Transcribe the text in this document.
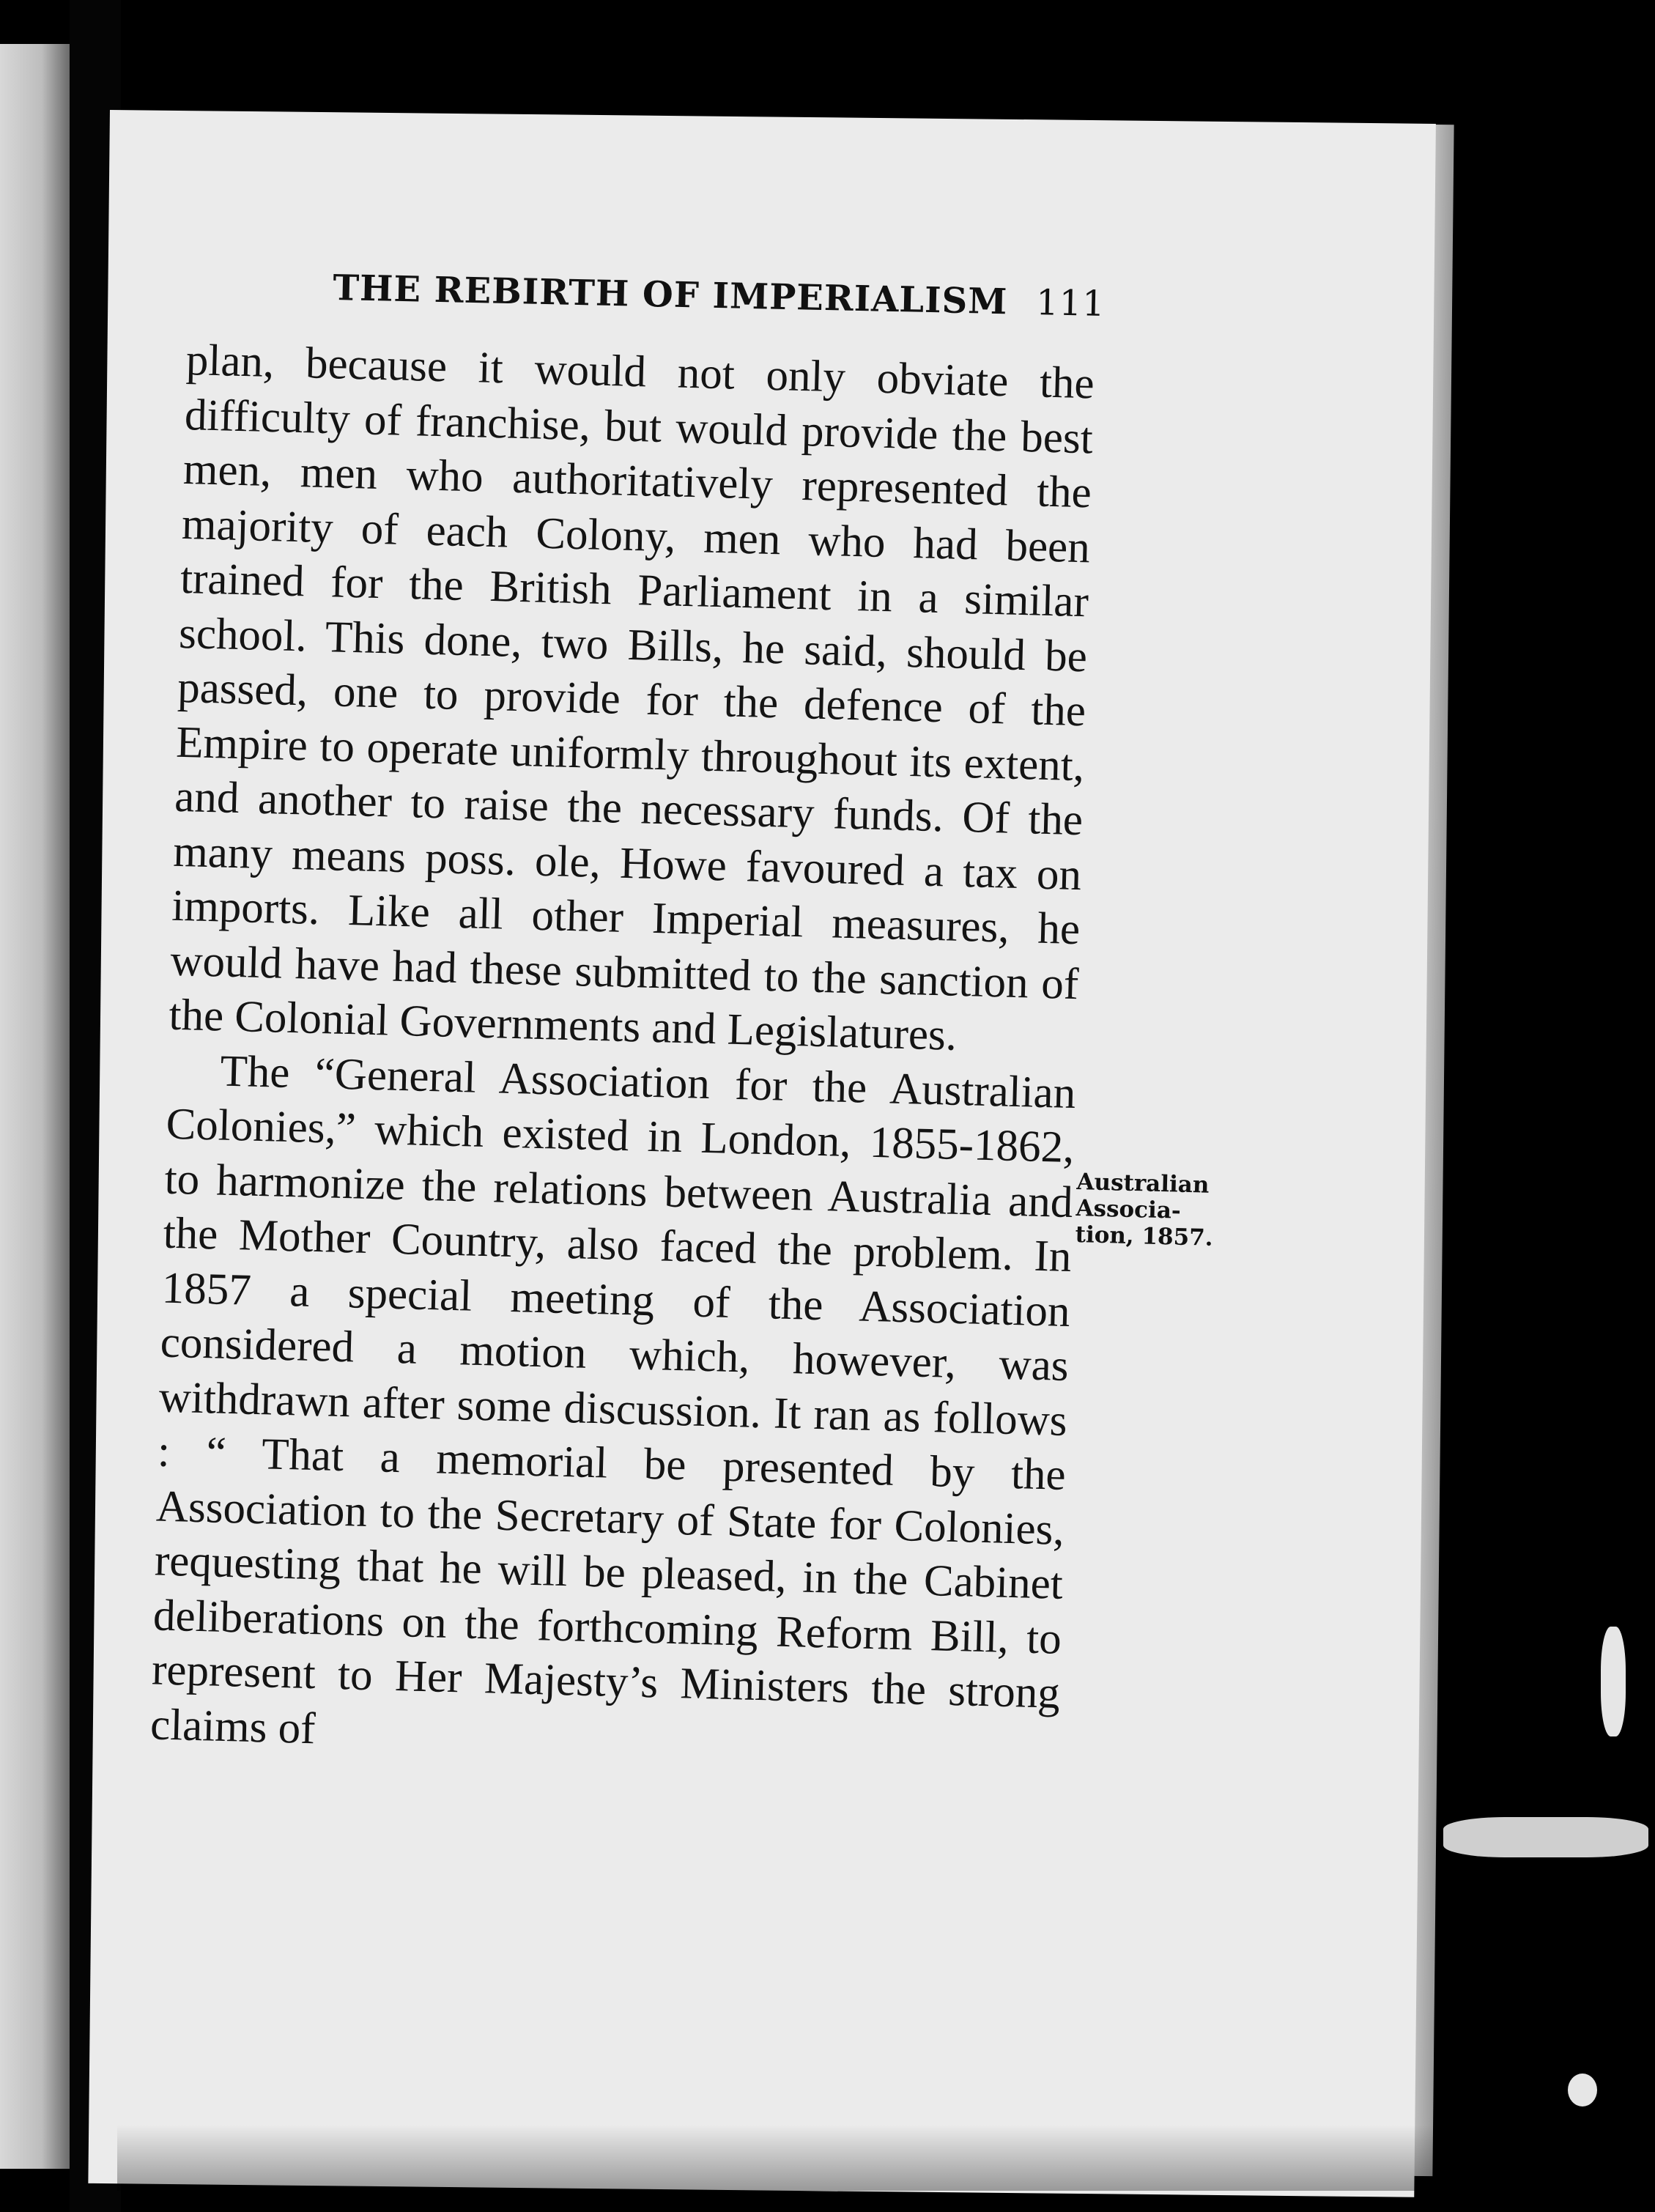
THE REBIRTH OF IMPERIALISM 111

plan, because it would not only obviate the difficulty of franchise, but would provide the best men, men who authoritatively represented the majority of each Colony, men who had been trained for the British Parliament in a similar school. This done, two Bills, he said, should be passed, one to provide for the defence of the Empire to operate uniformly throughout its extent, and another to raise the necessary funds. Of the many means poss. ole, Howe favoured a tax on imports. Like all other Imperial measures, he would have had these submitted to the sanction of the Colonial Governments and Legislatures.

The “General Association for the Australian Colonies,” which existed in London, 1855-1862, to harmonize the relations between Australia and the Mother Country, also faced the problem. In 1857 a special meeting of the Association considered a motion which, however, was withdrawn after some discussion. It ran as follows : “ That a memorial be presented by the Association to the Secretary of State for Colonies, requesting that he will be pleased, in the Cabinet deliberations on the forthcoming Reform Bill, to represent to Her Majesty’s Ministers the strong claims of

Australian
Associa-
tion, 1857.
